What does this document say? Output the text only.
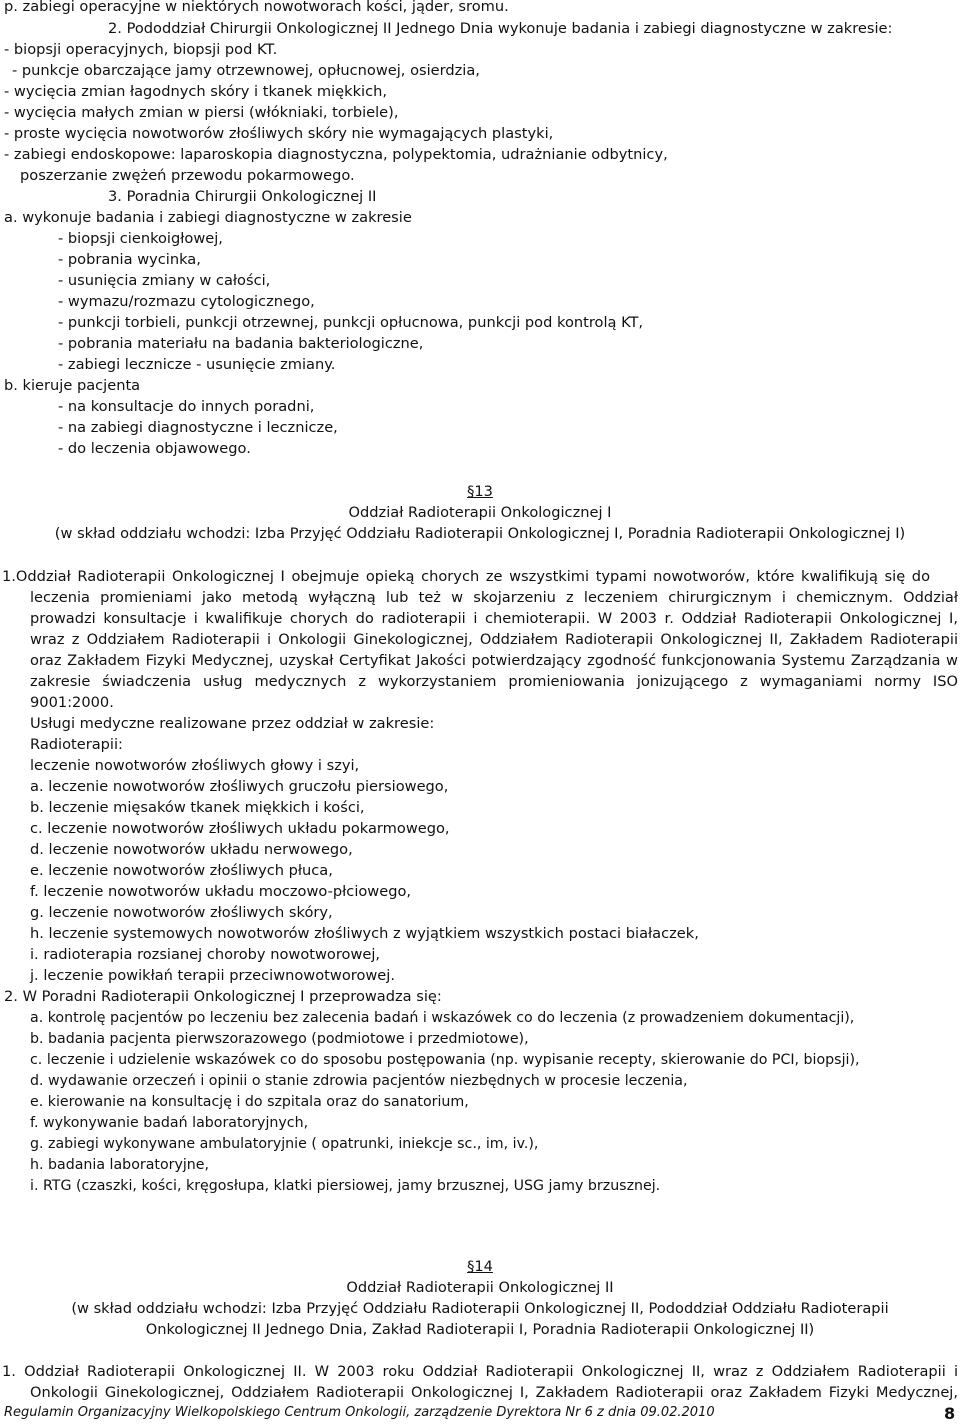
p. zabiegi operacyjne w niektórych nowotworach kości, jąder, sromu.
2. Pododdział Chirurgii Onkologicznej II Jednego Dnia wykonuje badania i zabiegi diagnostyczne w zakresie:
- biopsji operacyjnych, biopsji pod KT.
- punkcje obarczające jamy otrzewnowej, opłucnowej, osierdzia,
- wycięcia zmian łagodnych skóry i tkanek miękkich,
- wycięcia małych zmian w piersi (włókniaki, torbiele),
- proste wycięcia nowotworów złośliwych skóry nie wymagających plastyki,
- zabiegi endoskopowe: laparoskopia diagnostyczna, polypektomia, udrażnianie odbytnicy,
poszerzanie zwężeń przewodu pokarmowego.
3. Poradnia Chirurgii Onkologicznej II
a. wykonuje badania i zabiegi diagnostyczne w zakresie
- biopsji cienkoigłowej,
- pobrania wycinka,
- usunięcia zmiany w całości,
- wymazu/rozmazu cytologicznego,
- punkcji torbieli, punkcji otrzewnej, punkcji opłucnowa, punkcji pod kontrolą KT,
- pobrania materiału na badania bakteriologiczne,
- zabiegi lecznicze - usunięcie zmiany.
b. kieruje pacjenta
- na konsultacje do innych poradni,
- na zabiegi diagnostyczne i lecznicze,
- do leczenia objawowego.
§13
Oddział Radioterapii Onkologicznej I
(w skład oddziału wchodzi: Izba Przyjęć Oddziału Radioterapii Onkologicznej I, Poradnia Radioterapii Onkologicznej I)
1.Oddział Radioterapii Onkologicznej I obejmuje opieką chorych ze wszystkimi typami nowotworów, które kwalifikują się do
leczenia promieniami jako metodą wyłączną lub też w skojarzeniu z leczeniem chirurgicznym i chemicznym. Oddział
prowadzi konsultacje i kwalifikuje chorych do radioterapii i chemioterapii. W 2003 r. Oddział Radioterapii Onkologicznej I,
wraz z Oddziałem Radioterapii i Onkologii Ginekologicznej, Oddziałem Radioterapii Onkologicznej II, Zakładem Radioterapii
oraz Zakładem Fizyki Medycznej, uzyskał Certyfikat Jakości potwierdzający zgodność funkcjonowania Systemu Zarządzania w
zakresie świadczenia usług medycznych z wykorzystaniem promieniowania jonizującego z wymaganiami normy ISO
9001:2000.
Usługi medyczne realizowane przez oddział w zakresie:
Radioterapii:
leczenie nowotworów złośliwych głowy i szyi,
a. leczenie nowotworów złośliwych gruczołu piersiowego,
b. leczenie mięsaków tkanek miękkich i kości,
c. leczenie nowotworów złośliwych układu pokarmowego,
d. leczenie nowotworów układu nerwowego,
e. leczenie nowotworów złośliwych płuca,
f. leczenie nowotworów układu moczowo-płciowego,
g. leczenie nowotworów złośliwych skóry,
h. leczenie systemowych nowotworów złośliwych z wyjątkiem wszystkich postaci białaczek,
i. radioterapia rozsianej choroby nowotworowej,
j. leczenie powikłań terapii przeciwnowotworowej.
2. W Poradni Radioterapii Onkologicznej I przeprowadza się:
a. kontrolę pacjentów po leczeniu bez zalecenia badań i wskazówek co do leczenia (z prowadzeniem dokumentacji),
b. badania pacjenta pierwszorazowego (podmiotowe i przedmiotowe),
c. leczenie i udzielenie wskazówek co do sposobu postępowania (np. wypisanie recepty, skierowanie do PCI, biopsji),
d. wydawanie orzeczeń i opinii o stanie zdrowia pacjentów niezbędnych w procesie leczenia,
e. kierowanie na konsultację i do szpitala oraz do sanatorium,
f. wykonywanie badań laboratoryjnych,
g. zabiegi wykonywane ambulatoryjnie ( opatrunki, iniekcje sc., im, iv.),
h. badania laboratoryjne,
i. RTG (czaszki, kości, kręgosłupa, klatki piersiowej, jamy brzusznej, USG jamy brzusznej.
§14
Oddział Radioterapii Onkologicznej II
(w skład oddziału wchodzi: Izba Przyjęć Oddziału Radioterapii Onkologicznej II, Pododdział Oddziału Radioterapii
Onkologicznej II Jednego Dnia, Zakład Radioterapii I, Poradnia Radioterapii Onkologicznej II)
1. Oddział Radioterapii Onkologicznej II. W 2003 roku Oddział Radioterapii Onkologicznej II, wraz z Oddziałem Radioterapii i
Onkologii Ginekologicznej, Oddziałem Radioterapii Onkologicznej I, Zakładem Radioterapii oraz Zakładem Fizyki Medycznej,
Regulamin Organizacyjny Wielkopolskiego Centrum Onkologii, zarządzenie Dyrektora Nr 6 z dnia 09.02.2010	8
